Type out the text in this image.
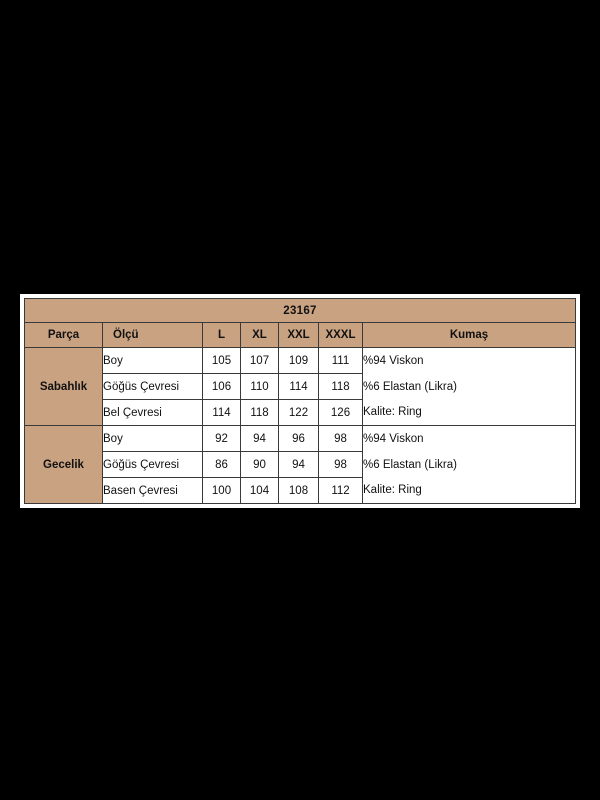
23167						
Parça	Ölçü	L	XL	XXL	XXXL	Kumaş
Sabahlık	Boy	105	107	109	111	%94 Viskon
	Göğüs Çevresi	106	110	114	118	%6 Elastan (Likra)
	Bel Çevresi	114	118	122	126	Kalite: Ring
Gecelik	Boy	92	94	96	98	%94 Viskon
	Göğüs Çevresi	86	90	94	98	%6 Elastan (Likra)
	Basen Çevresi	100	104	108	112	Kalite: Ring
